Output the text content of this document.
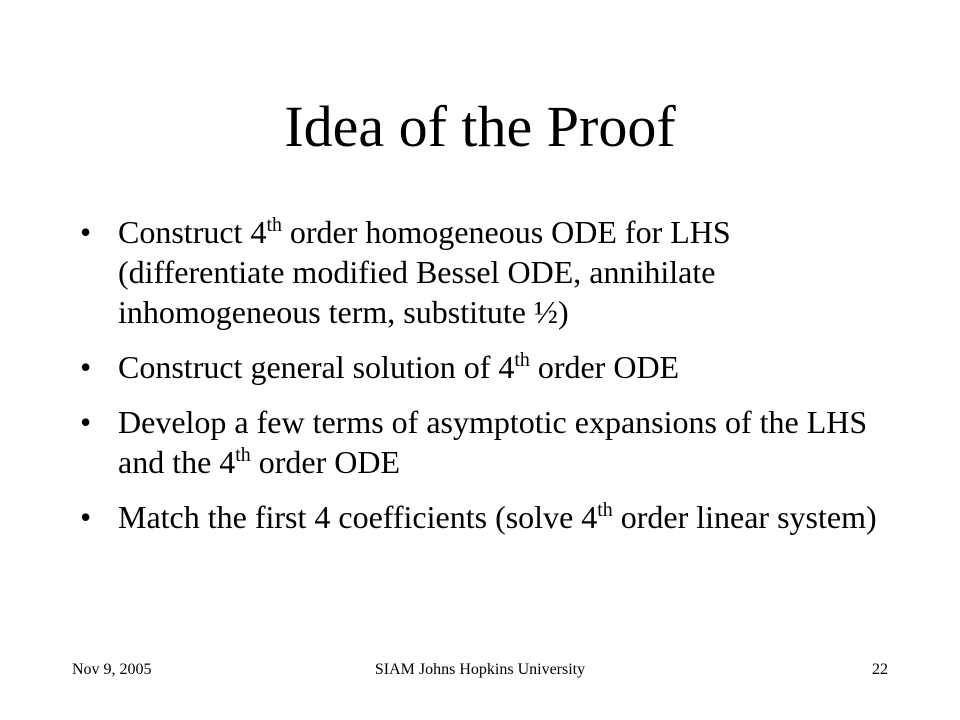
Idea of the Proof
• Construct 4th order homogeneous ODE for LHS (differentiate modified Bessel ODE, annihilate inhomogeneous term, substitute ½)
• Construct general solution of 4th order ODE
• Develop a few terms of asymptotic expansions of the LHS and the 4th order ODE
• Match the first 4 coefficients (solve 4th order linear system)
Nov 9, 2005	SIAM Johns Hopkins University	22
